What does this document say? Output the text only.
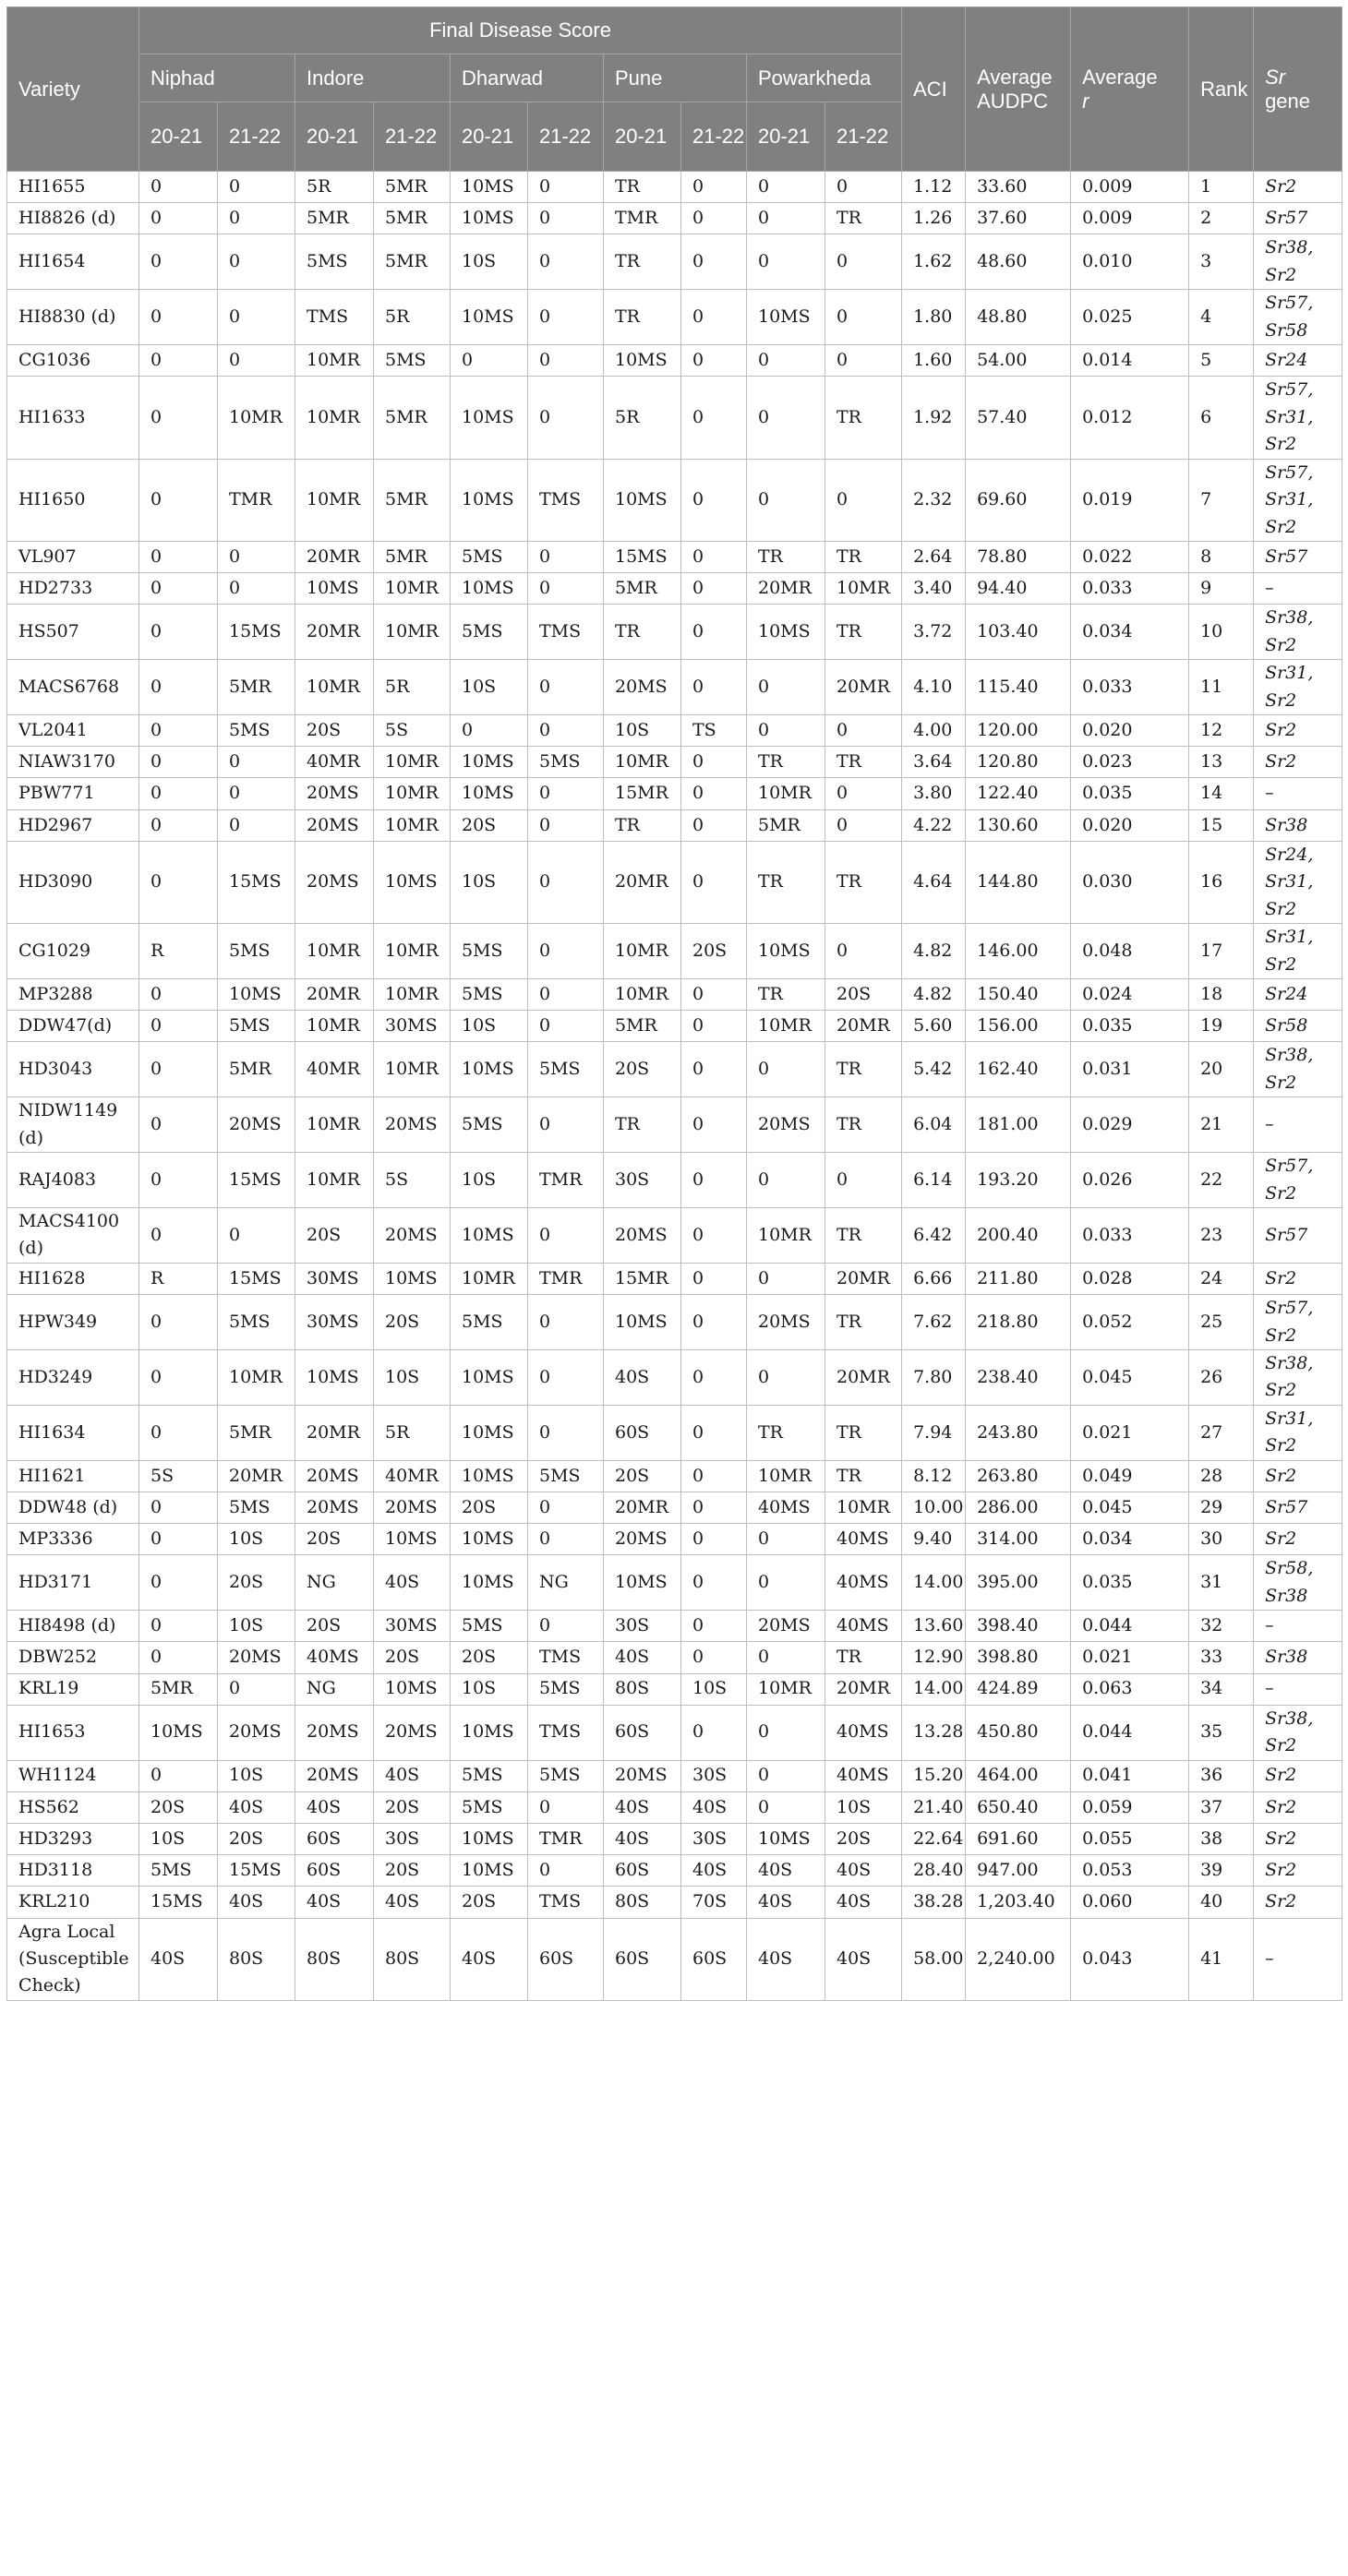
Variety	Final Disease Score										ACI	Average AUDPC	Average
r	Rank	Sr
gene
	Niphad		Indore		Dharwad		Pune		Powarkheda						
	20-21	21-22	20-21	21-22	20-21	21-22	20-21	21-22	20-21	21-22					
HI1655	0	0	5R	5MR	10MS	0	TR	0	0	0	1.12	33.60	0.009	1	Sr2
HI8826 (d)	0	0	5MR	5MR	10MS	0	TMR	0	0	TR	1.26	37.60	0.009	2	Sr57
HI1654	0	0	5MS	5MR	10S	0	TR	0	0	0	1.62	48.60	0.010	3	Sr38,
Sr2
HI8830 (d)	0	0	TMS	5R	10MS	0	TR	0	10MS	0	1.80	48.80	0.025	4	Sr57,
Sr58
CG1036	0	0	10MR	5MS	0	0	10MS	0	0	0	1.60	54.00	0.014	5	Sr24
HI1633	0	10MR	10MR	5MR	10MS	0	5R	0	0	TR	1.92	57.40	0.012	6	Sr57,
Sr31,
Sr2
HI1650	0	TMR	10MR	5MR	10MS	TMS	10MS	0	0	0	2.32	69.60	0.019	7	Sr57,
Sr31,
Sr2
VL907	0	0	20MR	5MR	5MS	0	15MS	0	TR	TR	2.64	78.80	0.022	8	Sr57
HD2733	0	0	10MS	10MR	10MS	0	5MR	0	20MR	10MR	3.40	94.40	0.033	9	–
HS507	0	15MS	20MR	10MR	5MS	TMS	TR	0	10MS	TR	3.72	103.40	0.034	10	Sr38,
Sr2
MACS6768	0	5MR	10MR	5R	10S	0	20MS	0	0	20MR	4.10	115.40	0.033	11	Sr31,
Sr2
VL2041	0	5MS	20S	5S	0	0	10S	TS	0	0	4.00	120.00	0.020	12	Sr2
NIAW3170	0	0	40MR	10MR	10MS	5MS	10MR	0	TR	TR	3.64	120.80	0.023	13	Sr2
PBW771	0	0	20MS	10MR	10MS	0	15MR	0	10MR	0	3.80	122.40	0.035	14	–
HD2967	0	0	20MS	10MR	20S	0	TR	0	5MR	0	4.22	130.60	0.020	15	Sr38
HD3090	0	15MS	20MS	10MS	10S	0	20MR	0	TR	TR	4.64	144.80	0.030	16	Sr24,
Sr31,
Sr2
CG1029	R	5MS	10MR	10MR	5MS	0	10MR	20S	10MS	0	4.82	146.00	0.048	17	Sr31,
Sr2
MP3288	0	10MS	20MR	10MR	5MS	0	10MR	0	TR	20S	4.82	150.40	0.024	18	Sr24
DDW47(d)	0	5MS	10MR	30MS	10S	0	5MR	0	10MR	20MR	5.60	156.00	0.035	19	Sr58
HD3043	0	5MR	40MR	10MR	10MS	5MS	20S	0	0	TR	5.42	162.40	0.031	20	Sr38,
Sr2
NIDW1149 (d)	0	20MS	10MR	20MS	5MS	0	TR	0	20MS	TR	6.04	181.00	0.029	21	–
RAJ4083	0	15MS	10MR	5S	10S	TMR	30S	0	0	0	6.14	193.20	0.026	22	Sr57,
Sr2
MACS4100 (d)	0	0	20S	20MS	10MS	0	20MS	0	10MR	TR	6.42	200.40	0.033	23	Sr57
HI1628	R	15MS	30MS	10MS	10MR	TMR	15MR	0	0	20MR	6.66	211.80	0.028	24	Sr2
HPW349	0	5MS	30MS	20S	5MS	0	10MS	0	20MS	TR	7.62	218.80	0.052	25	Sr57,
Sr2
HD3249	0	10MR	10MS	10S	10MS	0	40S	0	0	20MR	7.80	238.40	0.045	26	Sr38,
Sr2
HI1634	0	5MR	20MR	5R	10MS	0	60S	0	TR	TR	7.94	243.80	0.021	27	Sr31,
Sr2
HI1621	5S	20MR	20MS	40MR	10MS	5MS	20S	0	10MR	TR	8.12	263.80	0.049	28	Sr2
DDW48 (d)	0	5MS	20MS	20MS	20S	0	20MR	0	40MS	10MR	10.00	286.00	0.045	29	Sr57
MP3336	0	10S	20S	10MS	10MS	0	20MS	0	0	40MS	9.40	314.00	0.034	30	Sr2
HD3171	0	20S	NG	40S	10MS	NG	10MS	0	0	40MS	14.00	395.00	0.035	31	Sr58,
Sr38
HI8498 (d)	0	10S	20S	30MS	5MS	0	30S	0	20MS	40MS	13.60	398.40	0.044	32	–
DBW252	0	20MS	40MS	20S	20S	TMS	40S	0	0	TR	12.90	398.80	0.021	33	Sr38
KRL19	5MR	0	NG	10MS	10S	5MS	80S	10S	10MR	20MR	14.00	424.89	0.063	34	–
HI1653	10MS	20MS	20MS	20MS	10MS	TMS	60S	0	0	40MS	13.28	450.80	0.044	35	Sr38,
Sr2
WH1124	0	10S	20MS	40S	5MS	5MS	20MS	30S	0	40MS	15.20	464.00	0.041	36	Sr2
HS562	20S	40S	40S	20S	5MS	0	40S	40S	0	10S	21.40	650.40	0.059	37	Sr2
HD3293	10S	20S	60S	30S	10MS	TMR	40S	30S	10MS	20S	22.64	691.60	0.055	38	Sr2
HD3118	5MS	15MS	60S	20S	10MS	0	60S	40S	40S	40S	28.40	947.00	0.053	39	Sr2
KRL210	15MS	40S	40S	40S	20S	TMS	80S	70S	40S	40S	38.28	1,203.40	0.060	40	Sr2
Agra Local (Susceptible Check)	40S	80S	80S	80S	40S	60S	60S	60S	40S	40S	58.00	2,240.00	0.043	41	–
